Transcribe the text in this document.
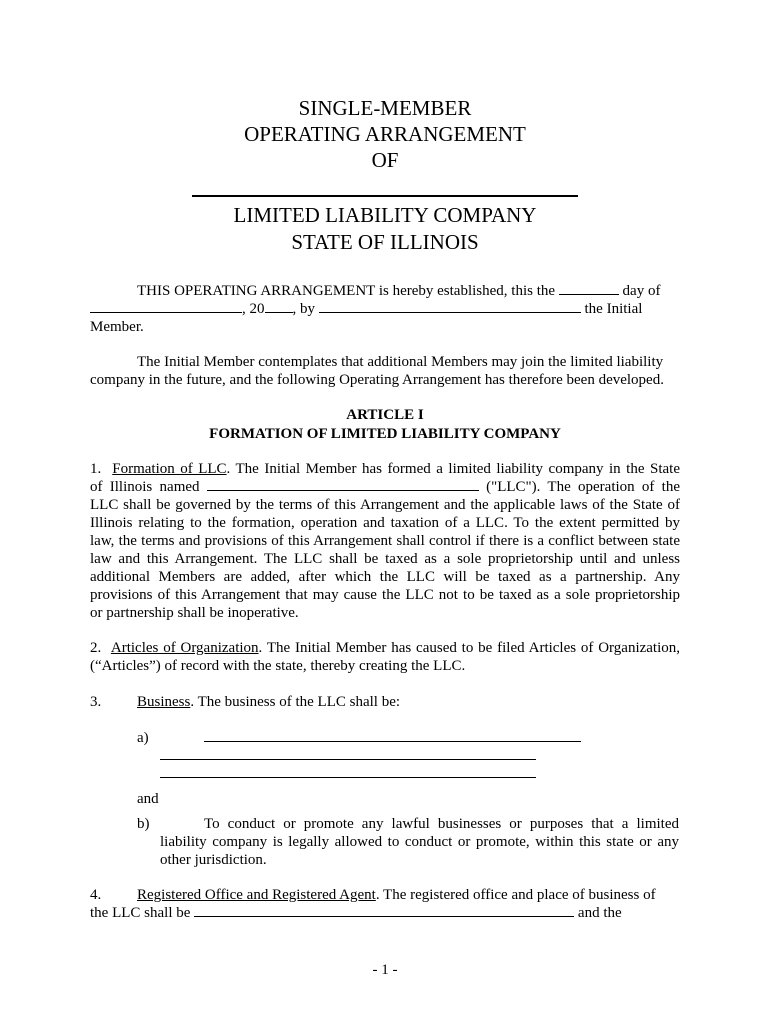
SINGLE-MEMBER
OPERATING ARRANGEMENT
OF
LIMITED LIABILITY COMPANY
STATE OF ILLINOIS
THIS OPERATING ARRANGEMENT is hereby established, this the	day of
, 20 , by	the Initial
Member.
The Initial Member contemplates that additional Members may join the limited liability
company in the future, and the following Operating Arrangement has therefore been developed.
ARTICLE I
FORMATION OF LIMITED LIABILITY COMPANY
1. Formation of LLC. The Initial Member has formed a limited liability company in the State
of Illinois named	("LLC"). The operation of the
LLC shall be governed by the terms of this Arrangement and the applicable laws of the State of
Illinois relating to the formation, operation and taxation of a LLC. To the extent permitted by
law, the terms and provisions of this Arrangement shall control if there is a conflict between state
law and this Arrangement. The LLC shall be taxed as a sole proprietorship until and unless
additional Members are added, after which the LLC will be taxed as a partnership. Any
provisions of this Arrangement that may cause the LLC not to be taxed as a sole proprietorship
or partnership shall be inoperative.
2. Articles of Organization. The Initial Member has caused to be filed Articles of Organization,
(“Articles”) of record with the state, thereby creating the LLC.
3.	Business. The business of the LLC shall be:
a)
and
b)	To conduct or promote any lawful businesses or purposes that a limited
liability company is legally allowed to conduct or promote, within this state or any
other jurisdiction.
4.	Registered Office and Registered Agent. The registered office and place of business of
the LLC shall be	and the
- 1 -
